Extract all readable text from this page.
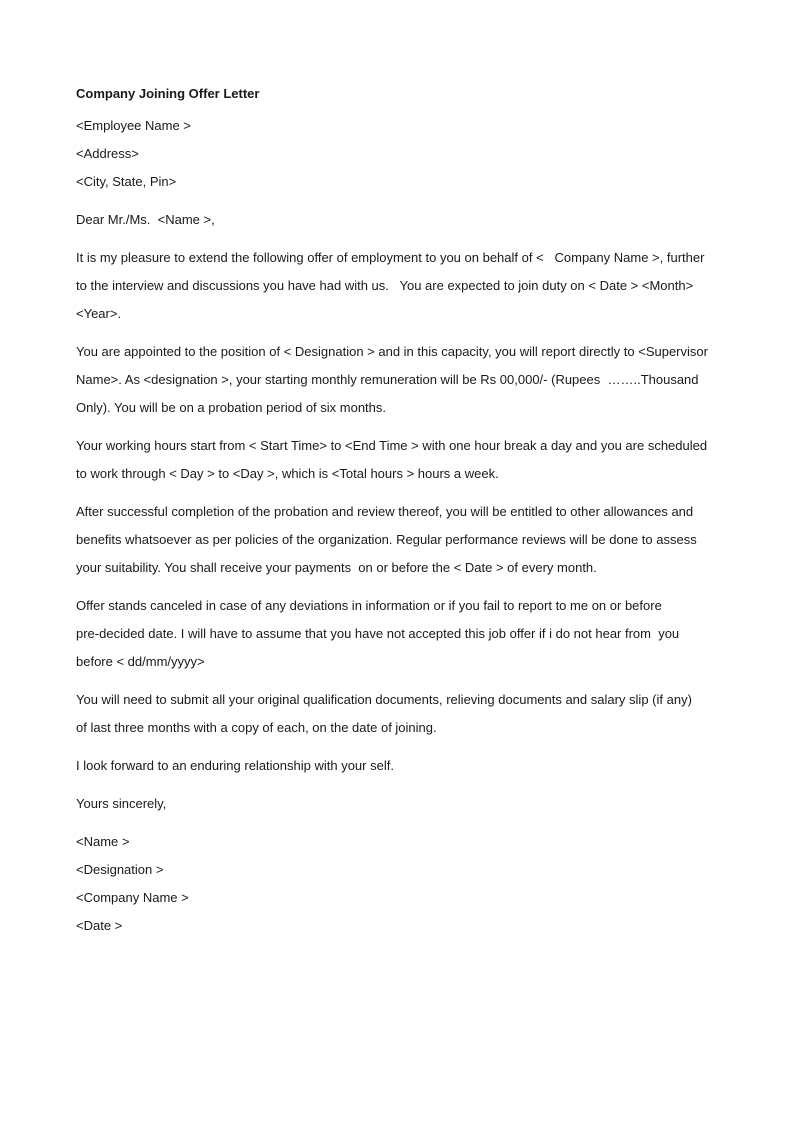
Company Joining Offer Letter
<Employee Name >
<Address>
<City, State, Pin>
Dear Mr./Ms.  <Name >,
It is my pleasure to extend the following offer of employment to you on behalf of <   Company Name >, further
to the interview and discussions you have had with us.   You are expected to join duty on < Date > <Month>
<Year>.
You are appointed to the position of < Designation > and in this capacity, you will report directly to <Supervisor
Name>. As <designation >, your starting monthly remuneration will be Rs 00,000/- (Rupees  ……..Thousand
Only). You will be on a probation period of six months.
Your working hours start from < Start Time> to <End Time > with one hour break a day and you are scheduled
to work through < Day > to <Day >, which is <Total hours > hours a week.
After successful completion of the probation and review thereof, you will be entitled to other allowances and
benefits whatsoever as per policies of the organization. Regular performance reviews will be done to assess
your suitability. You shall receive your payments  on or before the < Date > of every month.
Offer stands canceled in case of any deviations in information or if you fail to report to me on or before
pre-decided date. I will have to assume that you have not accepted this job offer if i do not hear from  you
before < dd/mm/yyyy>
You will need to submit all your original qualification documents, relieving documents and salary slip (if any)
of last three months with a copy of each, on the date of joining.
I look forward to an enduring relationship with your self.
Yours sincerely,
<Name >
<Designation >
<Company Name >
<Date >
